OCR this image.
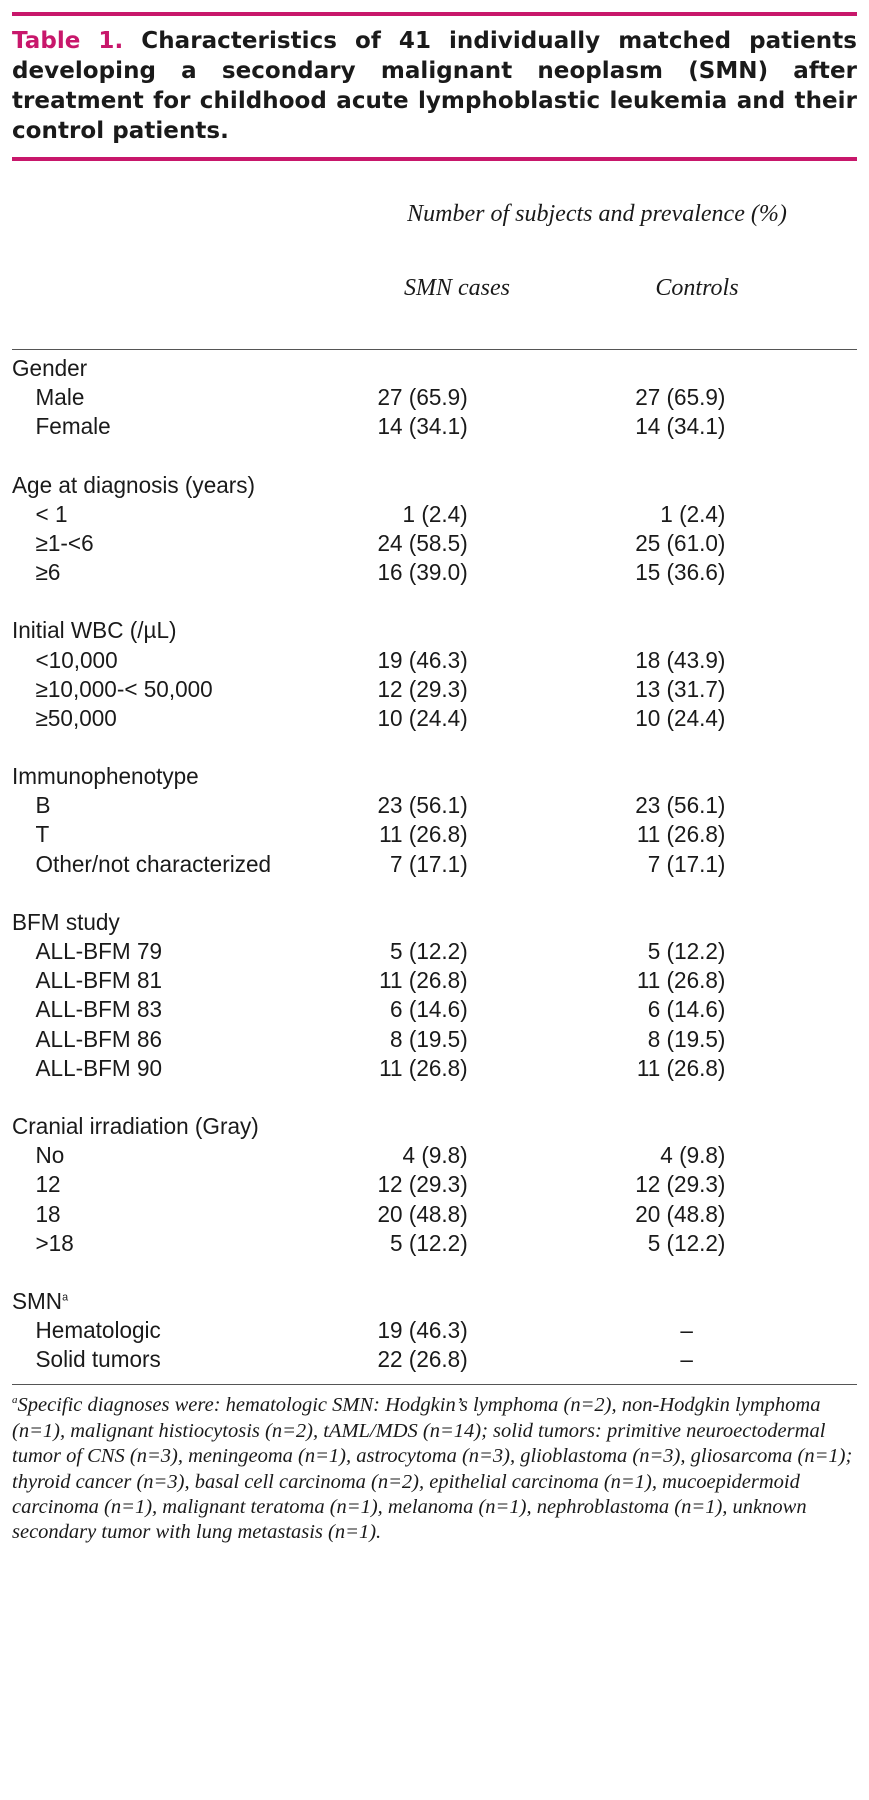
Table 1. Characteristics of 41 individually matched patients developing a secondary malignant neoplasm (SMN) after treatment for childhood acute lymphoblastic leukemia and their control patients.
Number of subjects and prevalence (%)
SMN cases	Controls
Gender
Male	27 (65.9)	27 (65.9)
Female	14 (34.1)	14 (34.1)
Age at diagnosis (years)
< 1	1 (2.4)	1 (2.4)
≥1-<6	24 (58.5)	25 (61.0)
≥6	16 (39.0)	15 (36.6)
Initial WBC (/µL)
<10,000	19 (46.3)	18 (43.9)
≥10,000-< 50,000	12 (29.3)	13 (31.7)
≥50,000	10 (24.4)	10 (24.4)
Immunophenotype
B	23 (56.1)	23 (56.1)
T	11 (26.8)	11 (26.8)
Other/not characterized	7 (17.1)	7 (17.1)
BFM study
ALL-BFM 79	5 (12.2)	5 (12.2)
ALL-BFM 81	11 (26.8)	11 (26.8)
ALL-BFM 83	6 (14.6)	6 (14.6)
ALL-BFM 86	8 (19.5)	8 (19.5)
ALL-BFM 90	11 (26.8)	11 (26.8)
Cranial irradiation (Gray)
No	4 (9.8)	4 (9.8)
12	12 (29.3)	12 (29.3)
18	20 (48.8)	20 (48.8)
>18	5 (12.2)	5 (12.2)
SMN$^a$
Hematologic	19 (46.3)	–
Solid tumors	22 (26.8)	–
$^a$Specific diagnoses were: hematologic SMN: Hodgkin’s lymphoma (n=2), non-Hodgkin lymphoma (n=1), malignant histiocytosis (n=2), tAML/MDS (n=14); solid tumors: primitive neuroectodermal tumor of CNS (n=3), meningeoma (n=1), astrocytoma (n=3), glioblastoma (n=3), gliosarcoma (n=1); thyroid cancer (n=3), basal cell carcinoma (n=2), epithelial carcinoma (n=1), mucoepidermoid carcinoma (n=1), malignant teratoma (n=1), melanoma (n=1), nephroblastoma (n=1), unknown secondary tumor with lung metastasis (n=1).
